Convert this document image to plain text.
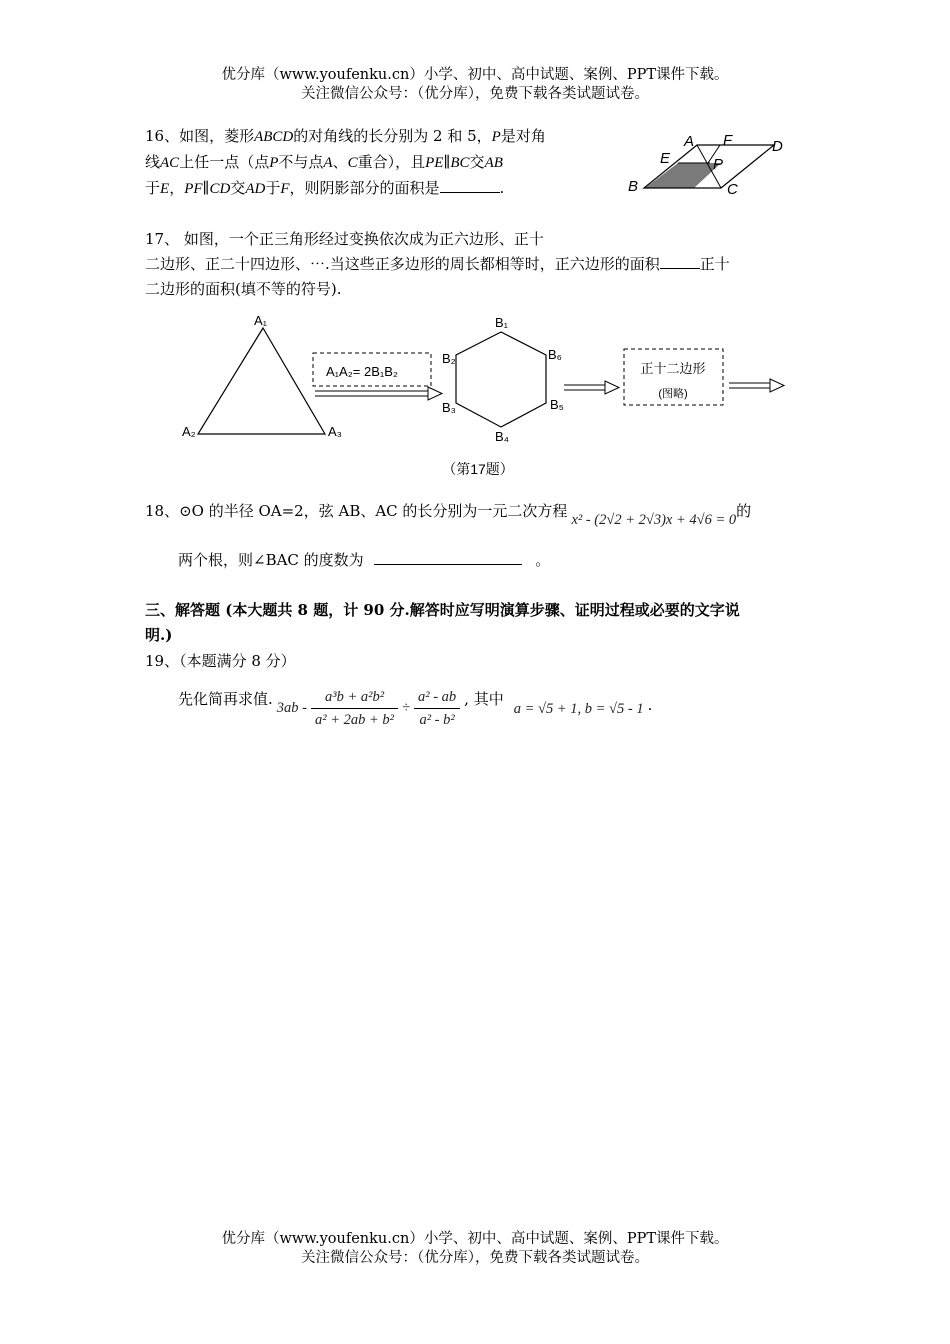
优分库（www.youfenku.cn）小学、初中、高中试题、案例、PPT课件下载。
关注微信公众号：（优分库），免费下载各类试题试卷。
16、如图，菱形ABCD的对角线的长分别为 2 和 5，P是对角
线AC上任一点（点P不与点A、C重合），且PE∥BC交AB
于E，PF∥CD交AD于F，则阴影部分的面积是	.
A F	D
E	P
B	C
17、 如图，一个正三角形经过变换依次成为正六边形、正十
二边形、正二十四边形、⋯.当这些正多边形的周长都相等时，正六边形的面积	正十
二边形的面积(填不等的符号).
A₁
A₂	A₃
A₁A₂= 2B₁B₂
B₁
B₂
B₃
B₄
B₅
B₆
正十二边形
(图略)
（第17题）
18、⊙O 的半径 OA=2，弦 AB、AC 的长分别为一元二次方程 x² - (2√2 + 2√3)x + 4√6 = 0的
两个根，则∠BAC 的度数为	。
三、解答题 (本大题共 8 题，计 90 分.解答时应写明演算步骤、证明过程或必要的文字说
明.)
19、（本题满分 8 分）
先化简再求值. $3ab - \frac{\text{a³b + a²b²}}{\text{a² + 2ab + b²}} \div \frac{\text{a² - ab}}{\text{a² - b²}}$ , 其中
a = √5 + 1, b = √5 - 1 .
优分库（www.youfenku.cn）小学、初中、高中试题、案例、PPT课件下载。
关注微信公众号：（优分库），免费下载各类试题试卷。
